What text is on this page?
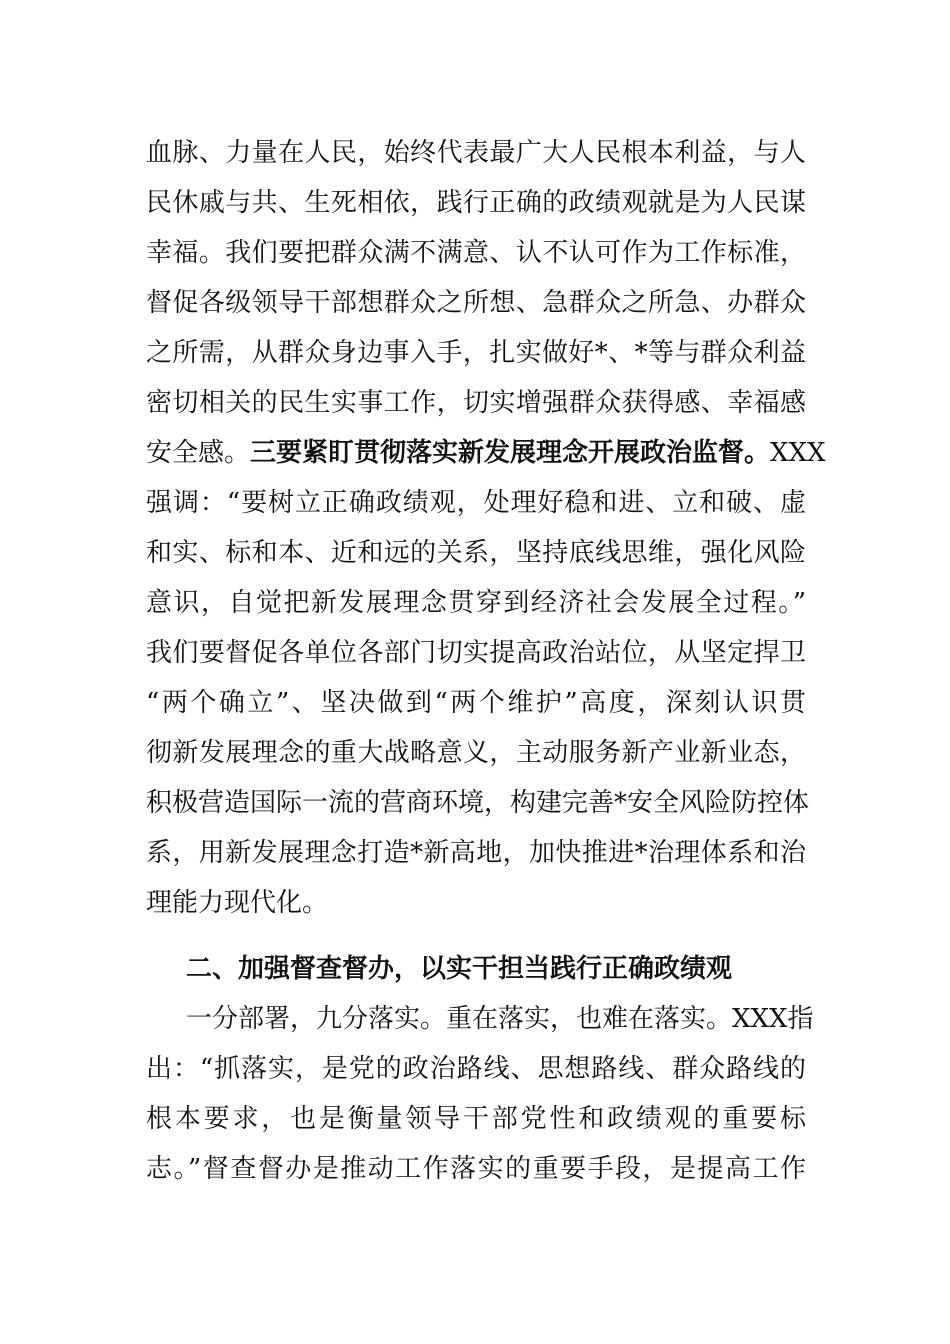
血脉、力量在人民，始终代表最广大人民根本利益，与人
民休戚与共、生死相依，践行正确的政绩观就是为人民谋
幸福。我们要把群众满不满意、认不认可作为工作标准，
督促各级领导干部想群众之所想、急群众之所急、办群众
之所需，从群众身边事入手，扎实做好*、*等与群众利益
密切相关的民生实事工作，切实增强群众获得感、幸福感
安全感。三要紧盯贯彻落实新发展理念开展政治监督。XXX
强调：“要树立正确政绩观，处理好稳和进、立和破、虚
和实、标和本、近和远的关系，坚持底线思维，强化风险
意识，自觉把新发展理念贯穿到经济社会发展全过程。”
我们要督促各单位各部门切实提高政治站位，从坚定捍卫
“两个确立”、坚决做到“两个维护”高度，深刻认识贯
彻新发展理念的重大战略意义，主动服务新产业新业态，
积极营造国际一流的营商环境，构建完善*安全风险防控体
系，用新发展理念打造*新高地，加快推进*治理体系和治
理能力现代化。
二、加强督查督办，以实干担当践行正确政绩观
一分部署，九分落实。重在落实，也难在落实。XXX指
出：“抓落实，是党的政治路线、思想路线、群众路线的
根本要求，也是衡量领导干部党性和政绩观的重要标
志。”督查督办是推动工作落实的重要手段，是提高工作
